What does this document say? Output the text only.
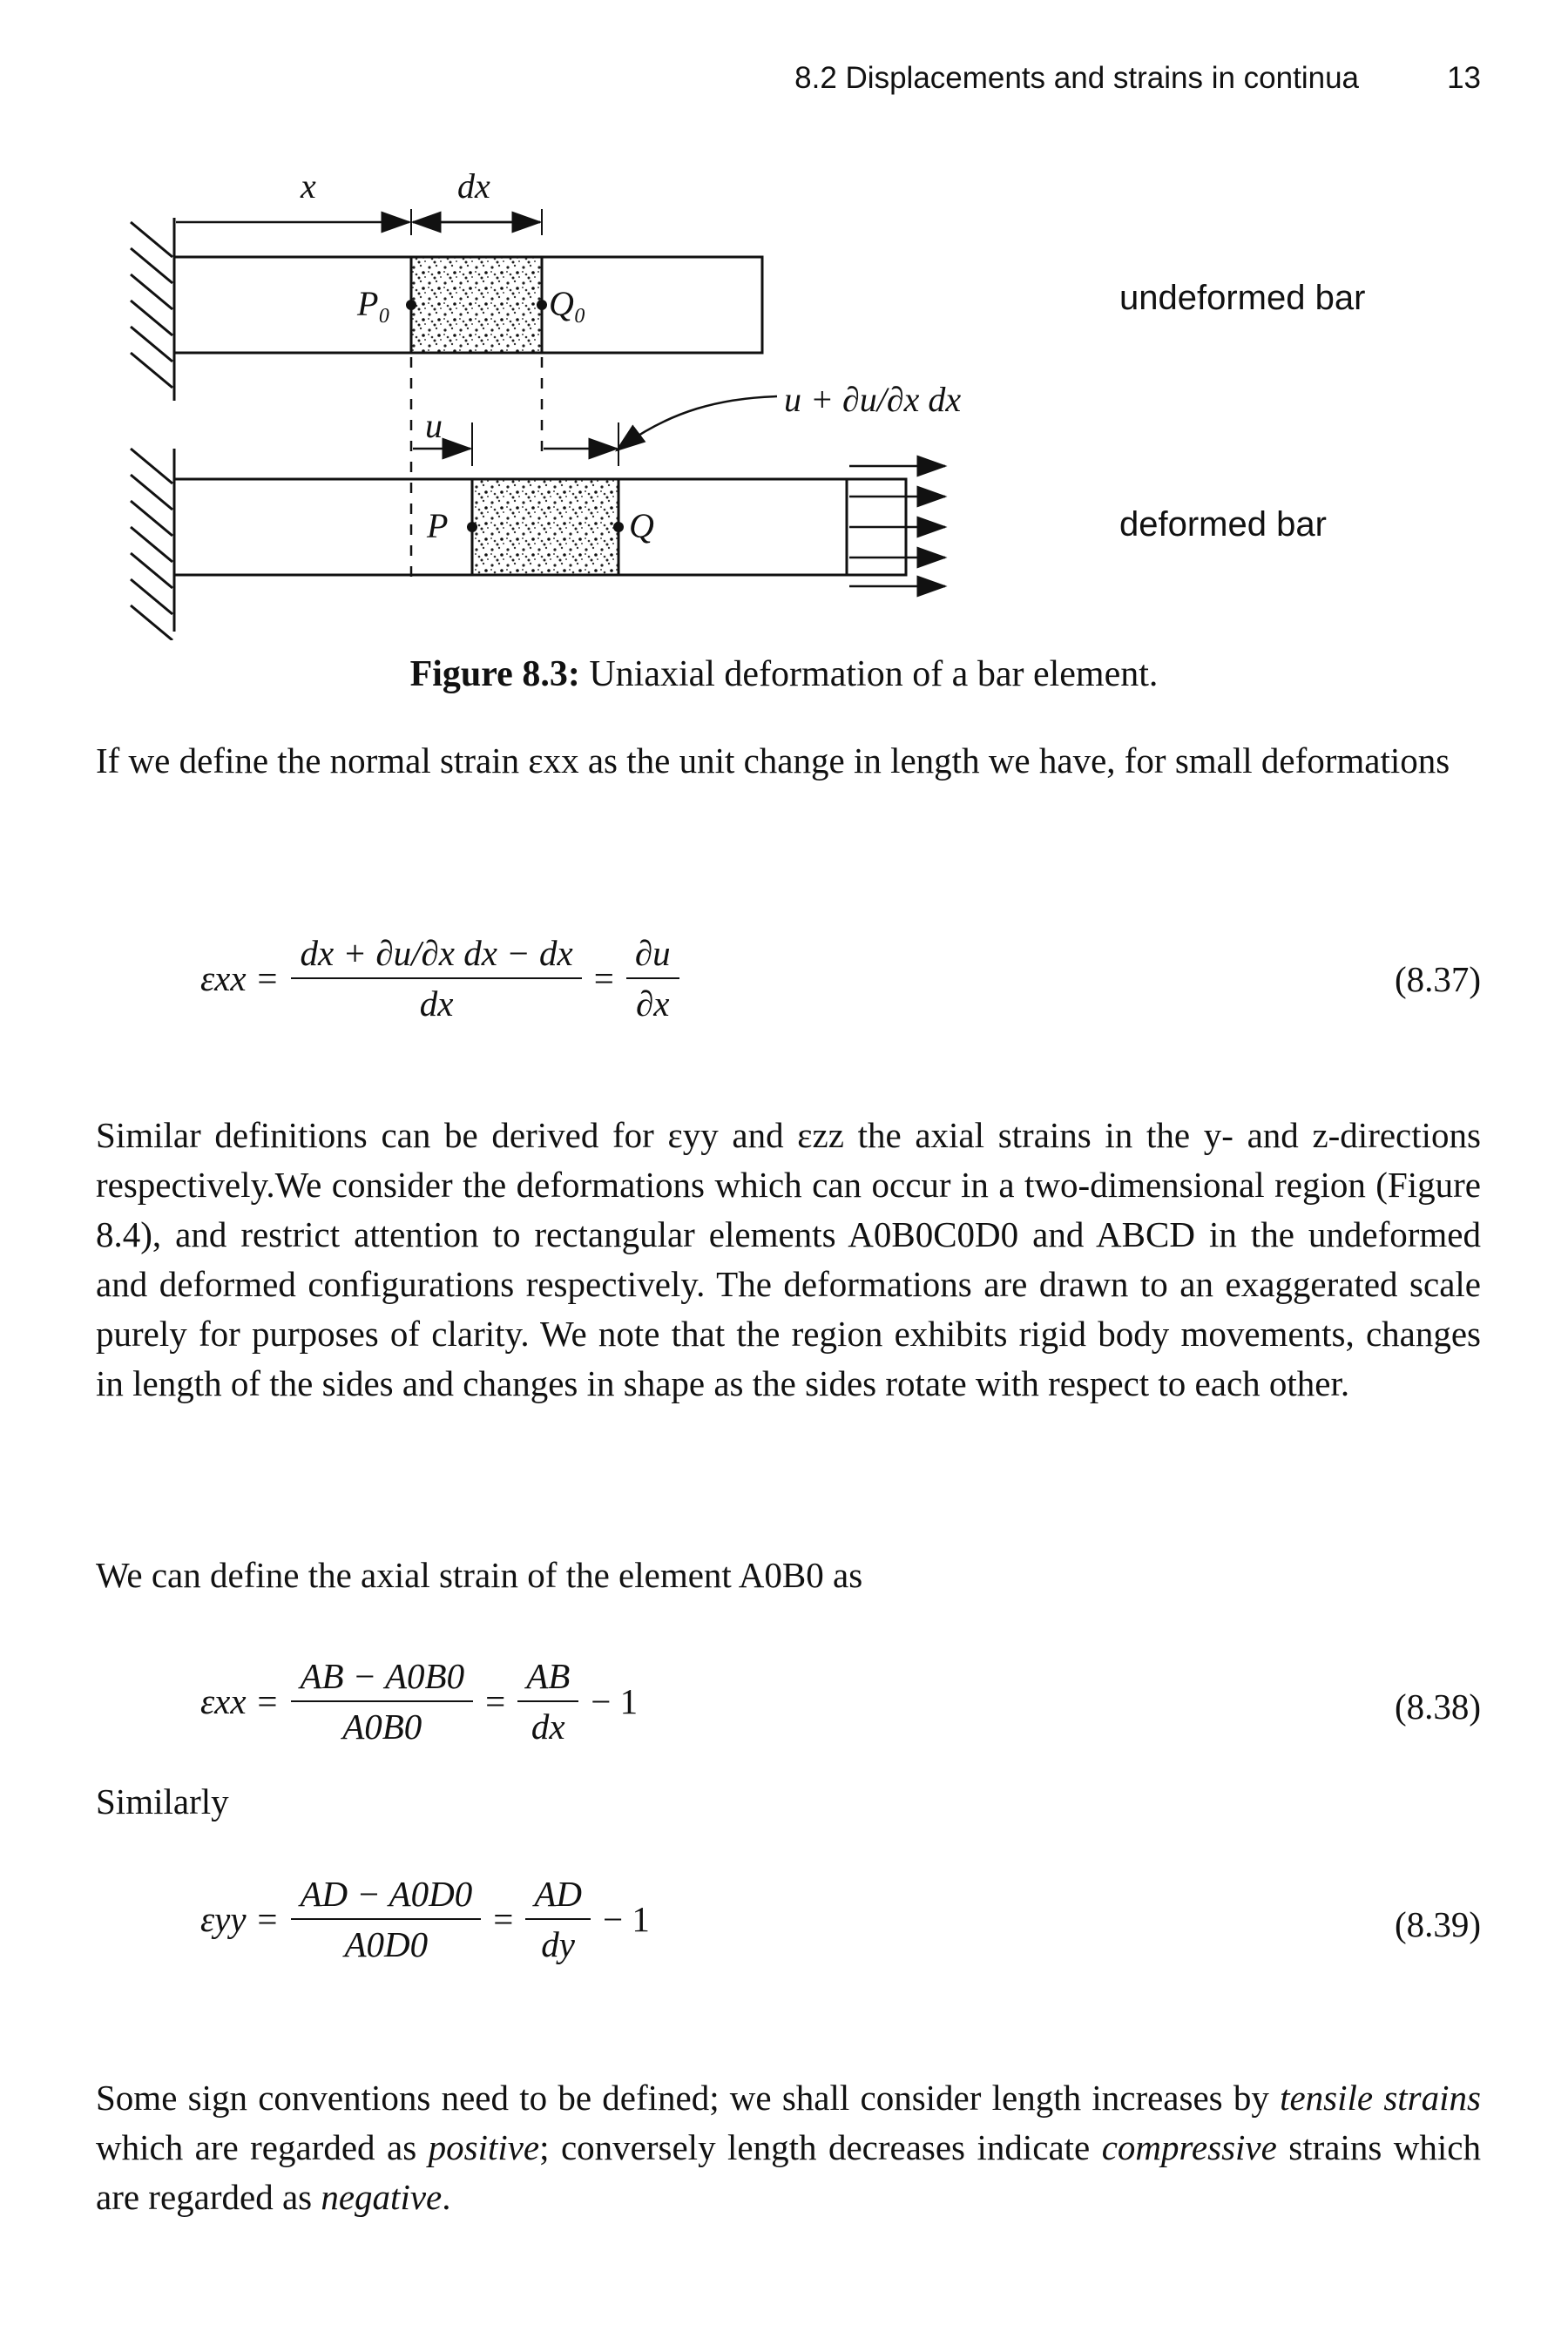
8.2 Displacements and strains in continua	13
x	dx
P₀	Q₀
u
u + ∂u/∂x dx
P	Q
undeformed bar
deformed bar
Figure 8.3: Uniaxial deformation of a bar element.

If we define the normal strain εxx as the unit change in length we have, for small deformations

$\varepsilon xx = \frac{\text{dx + ∂u/∂x dx − dx}}{dx} = \frac{\partial u}{\partial x}$	(8.37)

Similar definitions can be derived for εyy and εzz the axial strains in the y- and z-directions respectively.We consider the deformations which can occur in a two-dimensional region (Figure 8.4), and restrict attention to rectangular elements A0B0C0D0 and ABCD in the undeformed and deformed configurations respectively. The deformations are drawn to an exaggerated scale purely for purposes of clarity. We note that the region exhibits rigid body movements, changes in length of the sides and changes in shape as the sides rotate with respect to each other.

We can define the axial strain of the element A0B0 as

$\varepsilon xx = \frac{AB - A0B0}{A0B0} = \frac{AB}{dx} - 1$	(8.38)
Similarly
$\varepsilon yy = \frac{AD - A0D0}{A0D0} = \frac{AD}{dy} - 1$	(8.39)

Some sign conventions need to be defined; we shall consider length increases by tensile strains which are regarded as positive; conversely length decreases indicate compressive strains which are regarded as negative.
